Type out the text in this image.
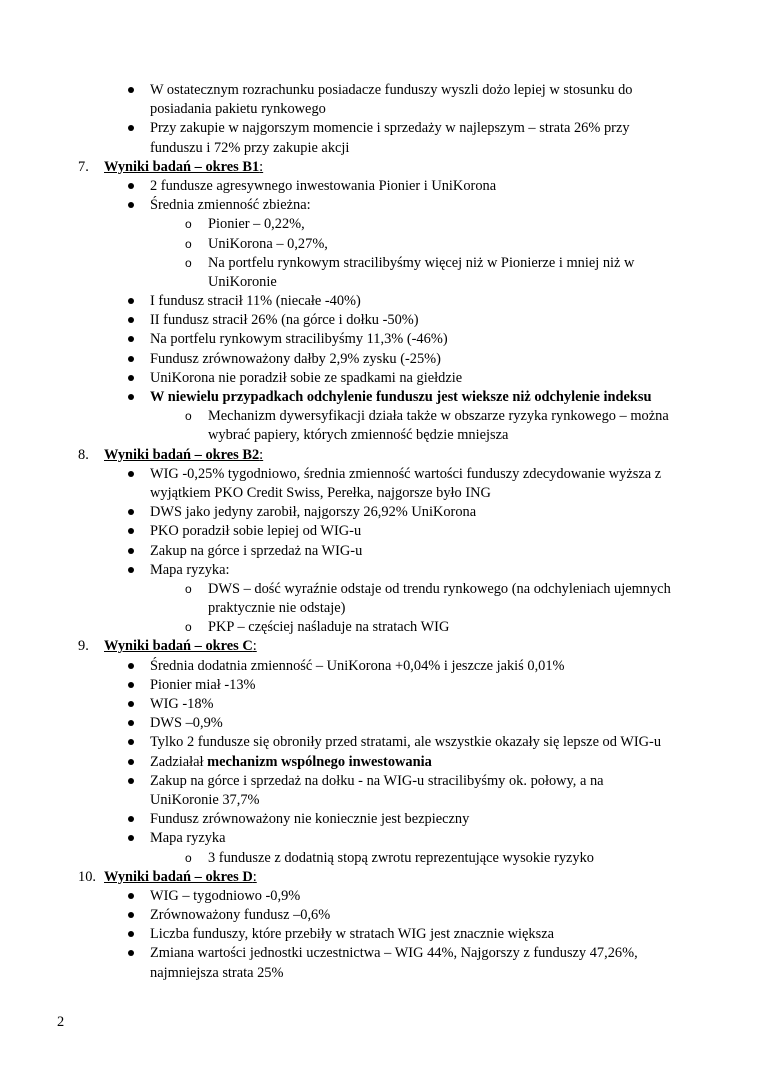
W ostatecznym rozrachunku posiadacze funduszy wyszli dożo lepiej w stosunku do
posiadania pakietu rynkowego
Przy zakupie w najgorszym momencie i sprzedaży w najlepszym – strata 26% przy
funduszu i 72% przy zakupie akcji
7. Wyniki badań – okres B1:
2 fundusze agresywnego inwestowania Pionier i UniKorona
Średnia zmienność zbieżna:
o Pionier – 0,22%,
o UniKorona – 0,27%,
o Na portfelu rynkowym stracilibyśmy więcej niż w Pionierze i mniej niż w
UniKoronie
I fundusz stracił 11% (niecałe -40%)
II fundusz stracił 26% (na górce i dołku -50%)
Na portfelu rynkowym stracilibyśmy 11,3% (-46%)
Fundusz zrównoważony dałby 2,9% zysku (-25%)
UniKorona nie poradził sobie ze spadkami na giełdzie
W niewielu przypadkach odchylenie funduszu jest wieksze niż odchylenie indeksu
o Mechanizm dywersyfikacji działa także w obszarze ryzyka rynkowego – można
wybrać papiery, których zmienność będzie mniejsza
8. Wyniki badań – okres B2:
WIG -0,25% tygodniowo, średnia zmienność wartości funduszy zdecydowanie wyższa z
wyjątkiem PKO Credit Swiss, Perełka, najgorsze było ING
DWS jako jedyny zarobił, najgorszy 26,92% UniKorona
PKO poradził sobie lepiej od WIG-u
Zakup na górce i sprzedaż na WIG-u
Mapa ryzyka:
o DWS – dość wyraźnie odstaje od trendu rynkowego (na odchyleniach ujemnych
praktycznie nie odstaje)
o PKP – częściej naśladuje na stratach WIG
9. Wyniki badań – okres C:
Średnia dodatnia zmienność – UniKorona +0,04% i jeszcze jakiś 0,01%
Pionier miał -13%
WIG -18%
DWS –0,9%
Tylko 2 fundusze się obroniły przed stratami, ale wszystkie okazały się lepsze od WIG-u
Zadziałał mechanizm wspólnego inwestowania
Zakup na górce i sprzedaż na dołku - na WIG-u stracilibyśmy ok. połowy, a na
UniKoronie 37,7%
Fundusz zrównoważony nie koniecznie jest bezpieczny
Mapa ryzyka
o 3 fundusze z dodatnią stopą zwrotu reprezentujące wysokie ryzyko
10. Wyniki badań – okres D:
WIG – tygodniowo -0,9%
Zrównoważony fundusz –0,6%
Liczba funduszy, które przebiły w stratach WIG jest znacznie większa
Zmiana wartości jednostki uczestnictwa – WIG 44%, Najgorszy z funduszy 47,26%,
najmniejsza strata 25%
2
